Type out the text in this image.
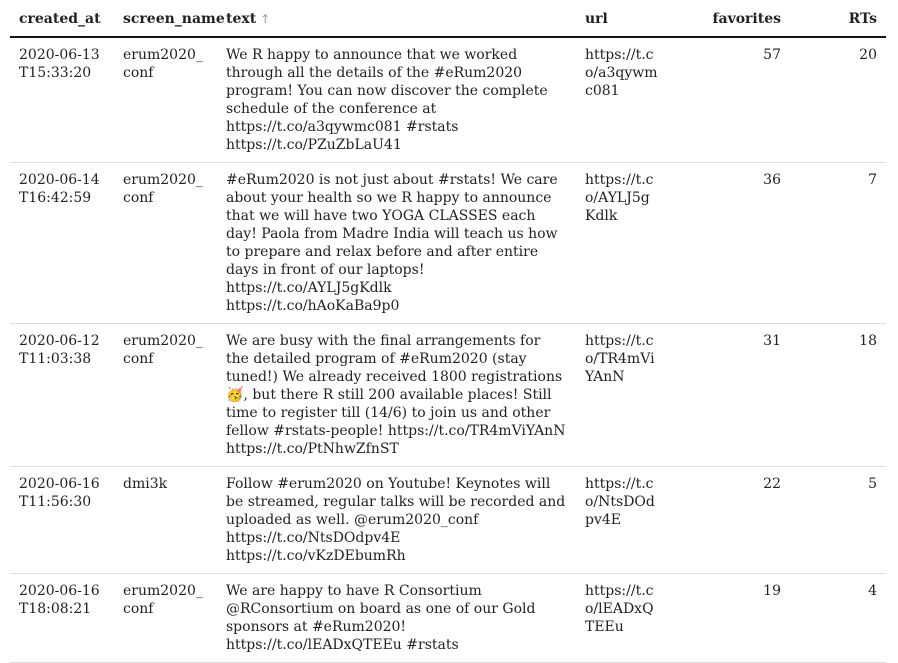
created_at	screen_name	text ↑	url	favorites	RTs
2020-06-13T15:33:20	erum2020_conf	We R happy to announce that we worked through all the details of the #eRum2020 program! You can now discover the complete schedule of the conference at https://t.co/a3qywmc081 #rstats https://t.co/PZuZbLaU41	https://t.co/a3qywmc081	57	20
2020-06-14T16:42:59	erum2020_conf	#eRum2020 is not just about #rstats! We care about your health so we R happy to announce that we will have two YOGA CLASSES each day! Paola from Madre India will teach us how to prepare and relax before and after entire days in front of our laptops! https://t.co/AYLJ5gKdlk https://t.co/hAoKaBa9p0	https://t.co/AYLJ5gKdlk	36	7
2020-06-12T11:03:38	erum2020_conf	We are busy with the final arrangements for the detailed program of #eRum2020 (stay tuned!) We already received 1800 registrations🥳, but there R still 200 available places! Still time to register till (14/6) to join us and other fellow #rstats-people! https://t.co/TR4mViYAnN https://t.co/PtNhwZfnST	https://t.co/TR4mViYAnN	31	18
2020-06-16T11:56:30	dmi3k	Follow #erum2020 on Youtube! Keynotes will be streamed, regular talks will be recorded and uploaded as well. @erum2020_conf https://t.co/NtsDOdpv4E https://t.co/vKzDEbumRh	https://t.co/NtsDOdpv4E	22	5
2020-06-16T18:08:21	erum2020_conf	We are happy to have R Consortium @RConsortium on board as one of our Gold sponsors at #eRum2020! https://t.co/lEADxQTEEu #rstats	https://t.co/lEADxQTEEu	19	4
